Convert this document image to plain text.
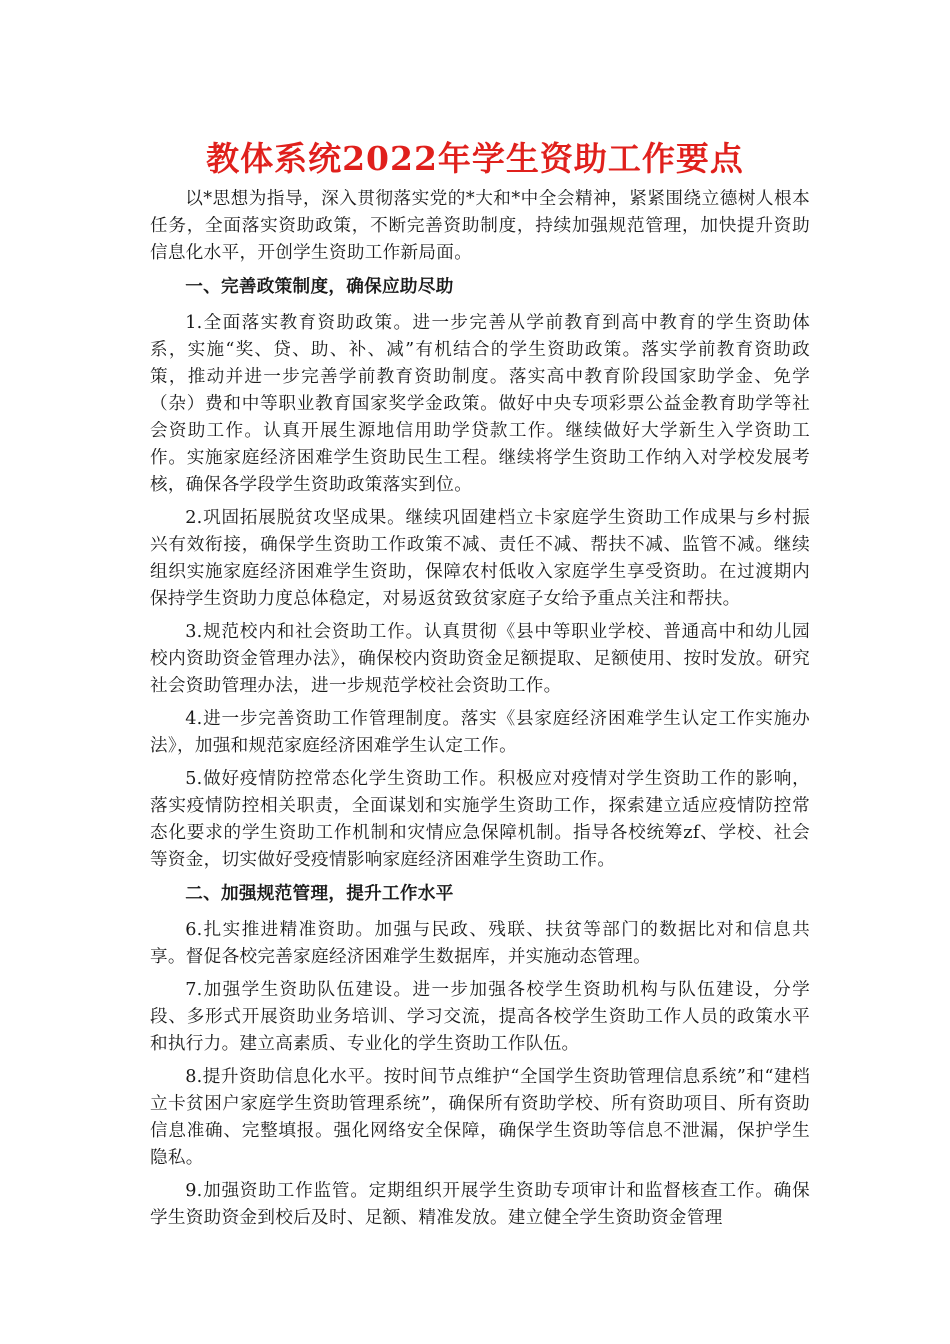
教体系统2022年学生资助工作要点

以*思想为指导，深入贯彻落实党的*大和*中全会精神，紧紧围绕立德树人根本任务，全面落实资助政策，不断完善资助制度，持续加强规范管理，加快提升资助信息化水平，开创学生资助工作新局面。

一、完善政策制度，确保应助尽助

1.全面落实教育资助政策。进一步完善从学前教育到高中教育的学生资助体系，实施“奖、贷、助、补、减”有机结合的学生资助政策。落实学前教育资助政策，推动并进一步完善学前教育资助制度。落实高中教育阶段国家助学金、免学（杂）费和中等职业教育国家奖学金政策。做好中央专项彩票公益金教育助学等社会资助工作。认真开展生源地信用助学贷款工作。继续做好大学新生入学资助工作。实施家庭经济困难学生资助民生工程。继续将学生资助工作纳入对学校发展考核，确保各学段学生资助政策落实到位。

2.巩固拓展脱贫攻坚成果。继续巩固建档立卡家庭学生资助工作成果与乡村振兴有效衔接，确保学生资助工作政策不减、责任不减、帮扶不减、监管不减。继续组织实施家庭经济困难学生资助，保障农村低收入家庭学生享受资助。在过渡期内保持学生资助力度总体稳定，对易返贫致贫家庭子女给予重点关注和帮扶。

3.规范校内和社会资助工作。认真贯彻《县中等职业学校、普通高中和幼儿园校内资助资金管理办法》，确保校内资助资金足额提取、足额使用、按时发放。研究社会资助管理办法，进一步规范学校社会资助工作。

4.进一步完善资助工作管理制度。落实《县家庭经济困难学生认定工作实施办法》，加强和规范家庭经济困难学生认定工作。

5.做好疫情防控常态化学生资助工作。积极应对疫情对学生资助工作的影响，落实疫情防控相关职责，全面谋划和实施学生资助工作，探索建立适应疫情防控常态化要求的学生资助工作机制和灾情应急保障机制。指导各校统筹zf、学校、社会等资金，切实做好受疫情影响家庭经济困难学生资助工作。

二、加强规范管理，提升工作水平

6.扎实推进精准资助。加强与民政、残联、扶贫等部门的数据比对和信息共享。督促各校完善家庭经济困难学生数据库，并实施动态管理。

7.加强学生资助队伍建设。进一步加强各校学生资助机构与队伍建设，分学段、多形式开展资助业务培训、学习交流，提高各校学生资助工作人员的政策水平和执行力。建立高素质、专业化的学生资助工作队伍。

8.提升资助信息化水平。按时间节点维护“全国学生资助管理信息系统”和“建档立卡贫困户家庭学生资助管理系统”，确保所有资助学校、所有资助项目、所有资助信息准确、完整填报。强化网络安全保障，确保学生资助等信息不泄漏，保护学生隐私。

9.加强资助工作监管。定期组织开展学生资助专项审计和监督核查工作。确保学生资助资金到校后及时、足额、精准发放。建立健全学生资助资金管理
